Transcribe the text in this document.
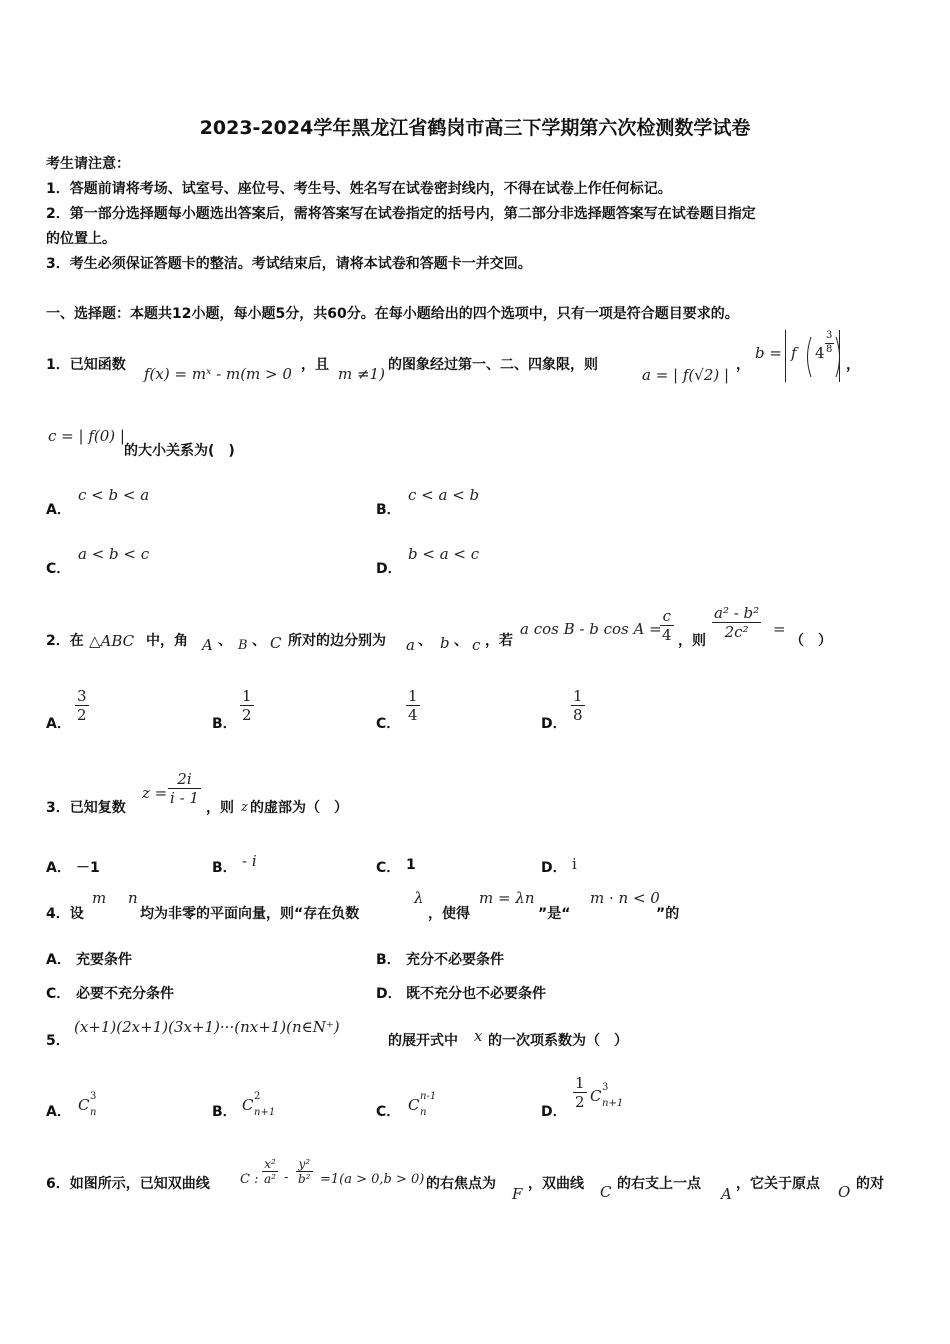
2023-2024学年黑龙江省鹤岗市高三下学期第六次检测数学试卷
考生请注意：
1．答题前请将考场、试室号、座位号、考生号、姓名写在试卷密封线内，不得在试卷上作任何标记。
2．第一部分选择题每小题选出答案后，需将答案写在试卷指定的括号内，第二部分非选择题答案写在试卷题目指定
的位置上。
3．考生必须保证答题卡的整洁。考试结束后，请将本试卷和答题卡一并交回。
一、选择题：本题共12小题，每小题5分，共60分。在每小题给出的四个选项中，只有一项是符合题目要求的。
1．已知函数 f(x) = mˣ - m(m > 0 ，且 m ≠1) 的图象经过第一、二、四象限，则
a = | f(√2) |
，
b = f 4
3
8
，
c = | f(0) |
的大小关系为(　)
A．
c < b < a
B．
c < a < b
C．
a < b < c
D．
b < a < c
2．在 △ABC 中，角 A 、 B 、 C 所对的边分别为 a 、 b 、 c ，若
a cos B - b cos A =
$\frac{c}{4}$ ，则 $\frac{\text{a² - b²}}{\text{2c²}}$ =
（　）
A． $\frac{3}{2}$	B． $\frac{1}{2}$	C． $\frac{1}{4}$	D． $\frac{1}{8}$
3．已知复数
$z = \frac{2i}{i - 1}$
，则 z 的虚部为（　）
A． －1	B． - i	C． 1	D． i
4．设
m n
均为非零的平面向量，则“存在负数
λ
，使得
m = λn
”是“
m · n < 0
”的
A． 充要条件	B． 充分不必要条件
C． 必要不充分条件	D． 既不充分也不必要条件
5．
(x+1)(2x+1)(3x+1)···(nx+1)(n∈N⁺)
的展开式中 x 的一次项系数为（　）
A． C 3
n	B． C 2
n+1	C． C n-1
n	D．
$\frac{1}{2}$ C 3
n+1
6．如图所示，已知双曲线 C : $\frac{\text{x²}}{\text{a²}} - \frac{\text{y²}}{\text{b²}} =1(a > 0,b > 0)$ 的右焦点为
F
，双曲线 C 的右支上一点
A
，它关于原点 O 的对
